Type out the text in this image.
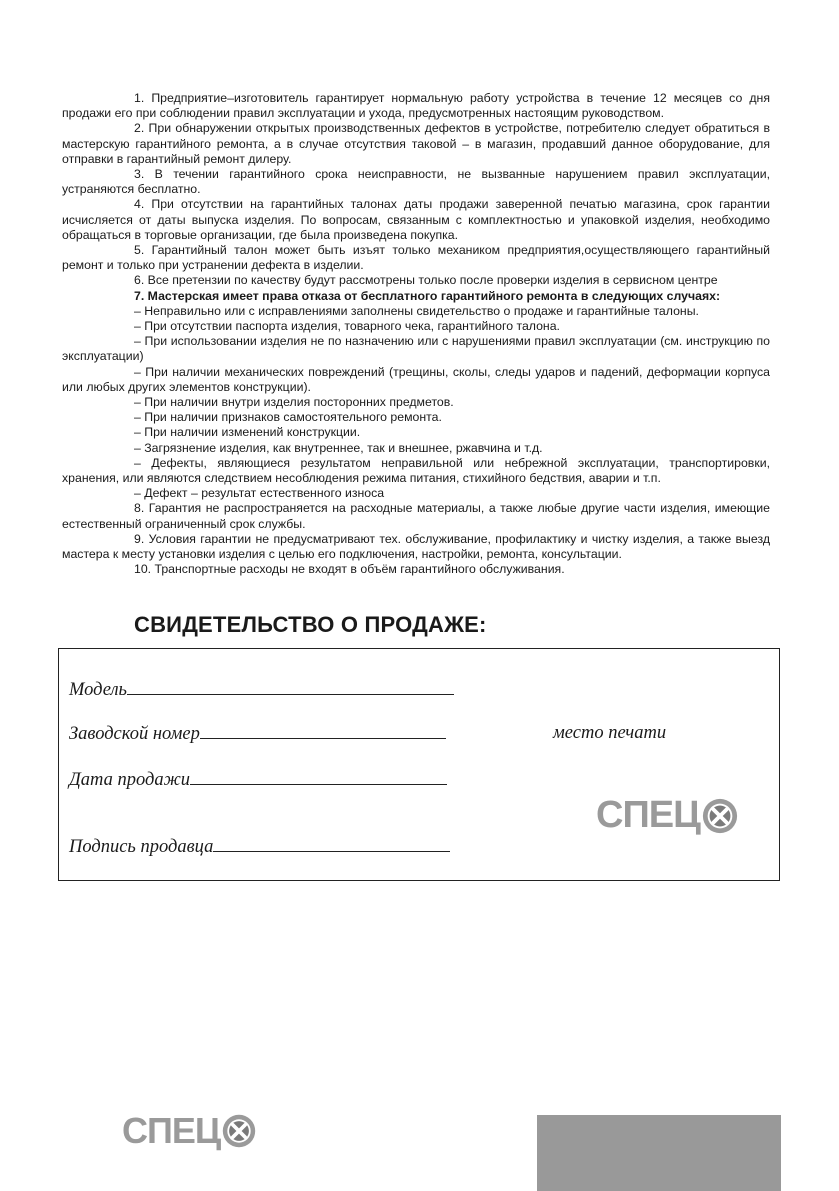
1. Предприятие–изготовитель гарантирует нормальную работу устройства в течение 12 месяцев со дня продажи его при соблюдении правил эксплуатации и ухода, предусмотренных настоящим руководством.

2. При обнаружении открытых производственных дефектов в устройстве, потребителю следует обратиться в мастерскую гарантийного ремонта, а в случае отсутствия таковой – в магазин, продавший данное оборудование, для отправки в гарантийный ремонт дилеру.

3. В течении гарантийного срока неисправности, не вызванные нарушением правил эксплуатации, устраняются бесплатно.

4. При отсутствии на гарантийных талонах даты продажи заверенной печатью магазина, срок гарантии исчисляется от даты выпуска изделия. По вопросам, связанным с комплектностью и упаковкой изделия, необходимо обращаться в торговые организации, где была произведена покупка.

5. Гарантийный талон может быть изъят только механиком предприятия,осуществляющего гарантийный ремонт и только при устранении дефекта в изделии.

6. Все претензии по качеству будут рассмотрены только после проверки изделия в сервисном центре

7. Мастерская имеет права отказа от бесплатного гарантийного ремонта в следующих случаях:

– Неправильно или с исправлениями заполнены свидетельство о продаже и гарантийные талоны.

– При отсутствии паспорта изделия, товарного чека, гарантийного талона.

– При использовании изделия не по назначению или с нарушениями правил эксплуатации (см. инструкцию по эксплуатации)

– При наличии механических повреждений (трещины, сколы, следы ударов и падений, деформации корпуса или любых других элементов конструкции).

– При наличии внутри изделия посторонних предметов.

– При наличии признаков самостоятельного ремонта.

– При наличии изменений конструкции.

– Загрязнение изделия, как внутреннее, так и внешнее, ржавчина и т.д.

– Дефекты, являющиеся результатом неправильной или небрежной эксплуатации, транспортировки, хранения, или являются следствием несоблюдения режима питания, стихийного бедствия, аварии и т.п.

– Дефект – результат естественного износа

8. Гарантия не распространяется на расходные материалы, а также любые другие части изделия, имеющие естественный ограниченный срок службы.

9. Условия гарантии не предусматривают тех. обслуживание, профилактику и чистку изделия, а также выезд мастера к месту установки изделия с целью его подключения, настройки, ремонта, консультации.

10. Транспортные расходы не входят в объём гарантийного обслуживания.

СВИДЕТЕЛЬСТВО О ПРОДАЖЕ:
Модель
Заводской номер
Дата продажи
Подпись продавца
место печати
СПЕЦ
СПЕЦ
